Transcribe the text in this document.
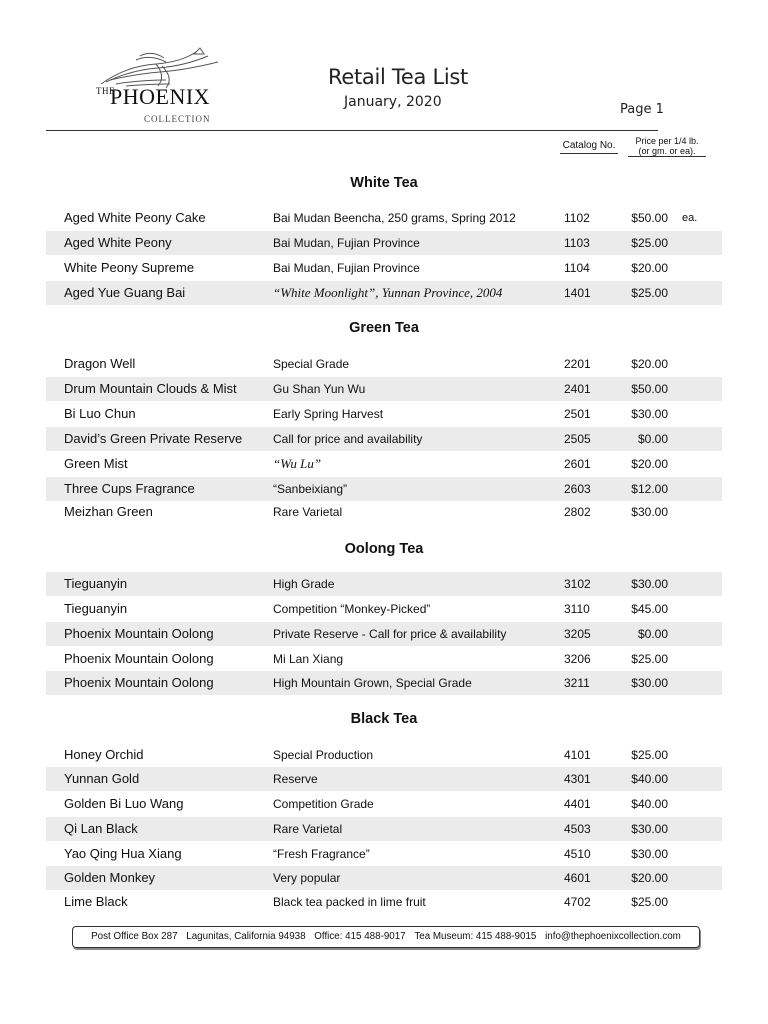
THE
PHOENIX
COLLECTION
Retail Tea List
January, 2020	Page 1
Catalog No.	Price per 1/4 lb.
(or gm. or ea).
White Tea
Aged White Peony Cake	Bai Mudan Beencha, 250 grams, Spring 2012	1102	$50.00 ea.
Aged White Peony	Bai Mudan, Fujian Province	1103	$25.00
White Peony Supreme	Bai Mudan, Fujian Province	1104	$20.00
Aged Yue Guang Bai	“White Moonlight”, Yunnan Province, 2004	1401	$25.00
Green Tea
Dragon Well	Special Grade	2201	$20.00
Drum Mountain Clouds & Mist	Gu Shan Yun Wu	2401	$50.00
Bi Luo Chun	Early Spring Harvest	2501	$30.00
David’s Green Private Reserve	Call for price and availability	2505	$0.00
Green Mist	“Wu Lu”	2601	$20.00
Three Cups Fragrance	“Sanbeixiang”	2603	$12.00
Meizhan Green	Rare Varietal	2802	$30.00
Oolong Tea
Tieguanyin	High Grade	3102	$30.00
Tieguanyin	Competition “Monkey-Picked”	3110	$45.00
Phoenix Mountain Oolong	Private Reserve - Call for price & availability	3205	$0.00
Phoenix Mountain Oolong	Mi Lan Xiang	3206	$25.00
Phoenix Mountain Oolong	High Mountain Grown, Special Grade	3211	$30.00
Black Tea
Honey Orchid	Special Production	4101	$25.00
Yunnan Gold	Reserve	4301	$40.00
Golden Bi Luo Wang	Competition Grade	4401	$40.00
Qi Lan Black	Rare Varietal	4503	$30.00
Yao Qing Hua Xiang	“Fresh Fragrance”	4510	$30.00
Golden Monkey	Very popular	4601	$20.00
Lime Black	Black tea packed in lime fruit	4702	$25.00
Post Office Box 287 Lagunitas, California 94938 Office: 415 488-9017 Tea Museum: 415 488-9015 info@thephoenixcollection.com
